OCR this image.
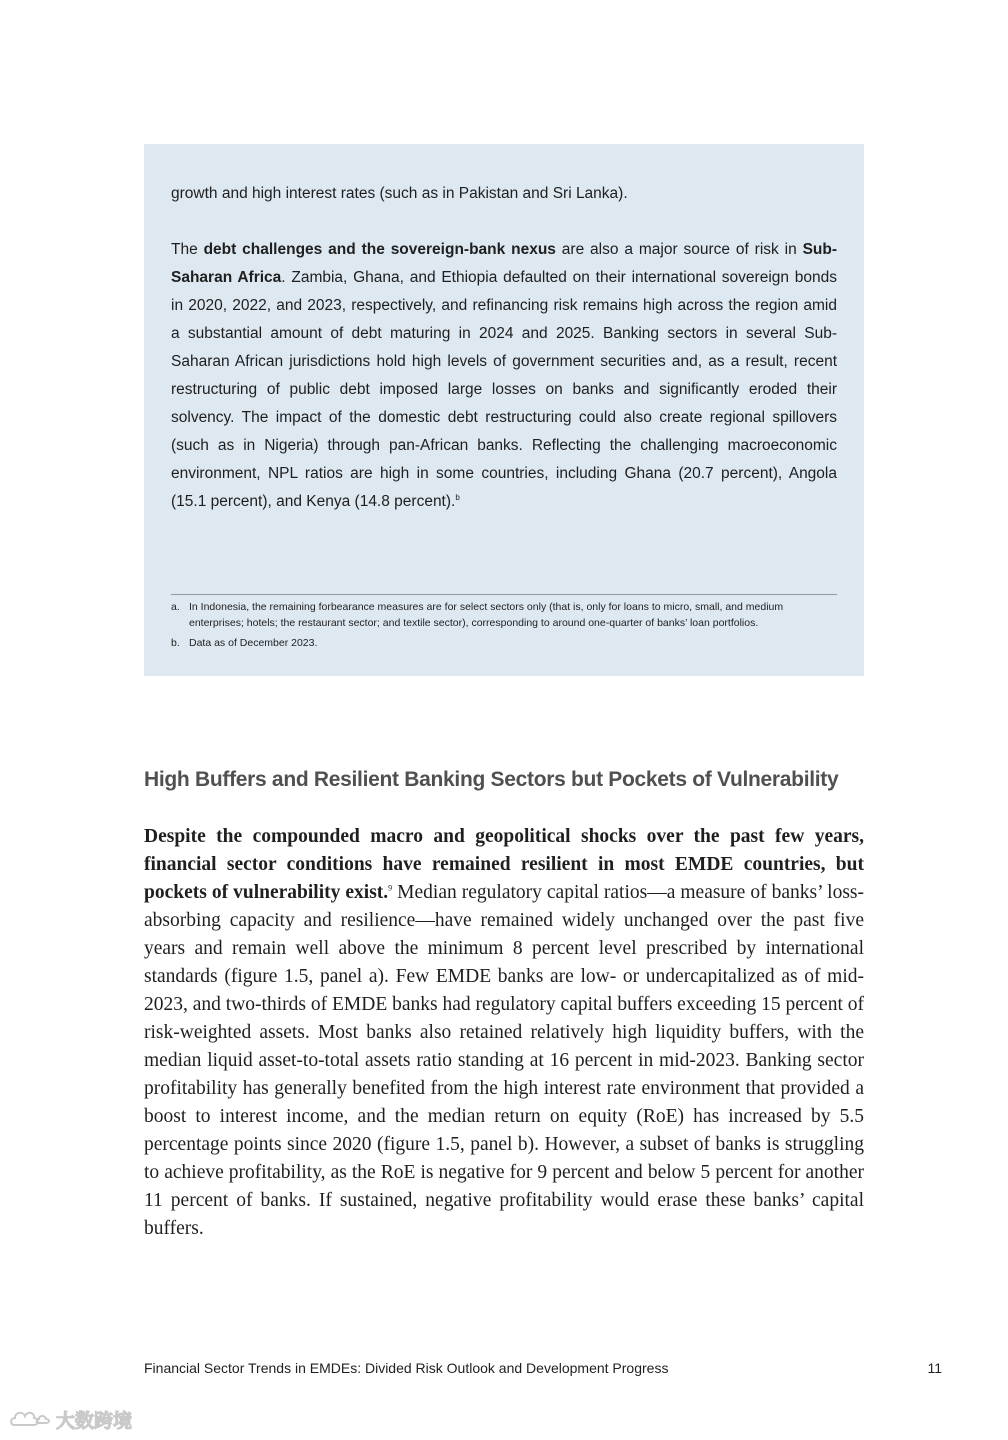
growth and high interest rates (such as in Pakistan and Sri Lanka).

The debt challenges and the sovereign-bank nexus are also a major source of risk in Sub-Saharan Africa. Zambia, Ghana, and Ethiopia defaulted on their international sovereign bonds in 2020, 2022, and 2023, respectively, and refinancing risk remains high across the region amid a substantial amount of debt maturing in 2024 and 2025. Banking sectors in several Sub-Saharan African jurisdictions hold high levels of government securities and, as a result, recent restructuring of public debt imposed large losses on banks and significantly eroded their solvency. The impact of the domestic debt restructuring could also create regional spillovers (such as in Nigeria) through pan-African banks. Reflecting the challenging macroeconomic environment, NPL ratios are high in some countries, including Ghana (20.7 percent), Angola (15.1 percent), and Kenya (14.8 percent).$^b$

a. In Indonesia, the remaining forbearance measures are for select sectors only (that is, only for loans to micro, small, and medium enterprises; hotels; the restaurant sector; and textile sector), corresponding to around one-quarter of banks’ loan portfolios.
b. Data as of December 2023.
High Buffers and Resilient Banking Sectors but Pockets of Vulnerability

Despite the compounded macro and geopolitical shocks over the past few years, financial sector conditions have remained resilient in most EMDE countries, but pockets of vulnerability exist.$^9$ Median regulatory capital ratios—a measure of banks’ loss-absorbing capacity and resilience—have remained widely unchanged over the past five years and remain well above the minimum 8 percent level prescribed by international standards (figure 1.5, panel a). Few EMDE banks are low- or undercapitalized as of mid-2023, and two-thirds of EMDE banks had regulatory capital buffers exceeding 15 percent of risk-weighted assets. Most banks also retained relatively high liquidity buffers, with the median liquid asset-to-total assets ratio standing at 16 percent in mid-2023. Banking sector profitability has generally benefited from the high interest rate environment that provided a boost to interest income, and the median return on equity (RoE) has increased by 5.5 percentage points since 2020 (figure 1.5, panel b). However, a subset of banks is struggling to achieve profitability, as the RoE is negative for 9 percent and below 5 percent for another 11 percent of banks. If sustained, negative profitability would erase these banks’ capital buffers.

Financial Sector Trends in EMDEs: Divided Risk Outlook and Development Progress	11
大数跨境
